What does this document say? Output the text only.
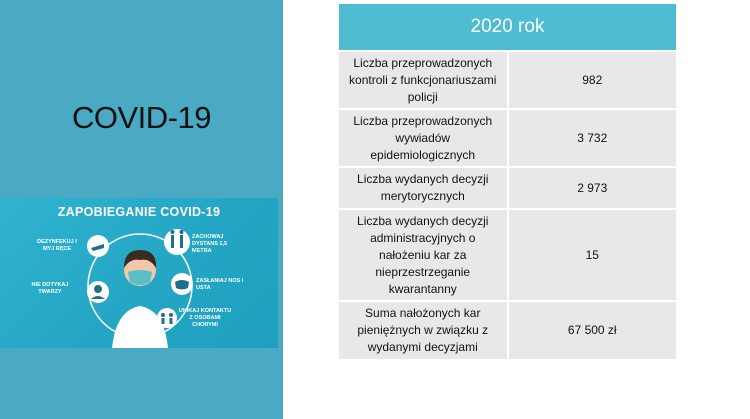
COVID-19
ZAPOBIEGANIE COVID-19
DEZYNFEKUJ I MYJ RĘCE
ZACHOWAJ DYSTANS 1,5 METRA
NIE DOTYKAJ TWARZY
ZASŁANIAJ NOS I USTA
UNIKAJ KONTAKTU Z OSOBAMI CHORYMI
2020 rok	
Liczba przeprowadzonych kontroli z funkcjonariuszami policji	982
Liczba przeprowadzonych wywiadów epidemiologicznych	3 732
Liczba wydanych decyzji merytorycznych	2 973
Liczba wydanych decyzji administracyjnych o nałożeniu kar za nieprzestrzeganie kwarantanny	15
Suma nałożonych kar pieniężnych w związku z wydanymi decyzjami	67 500 zł
